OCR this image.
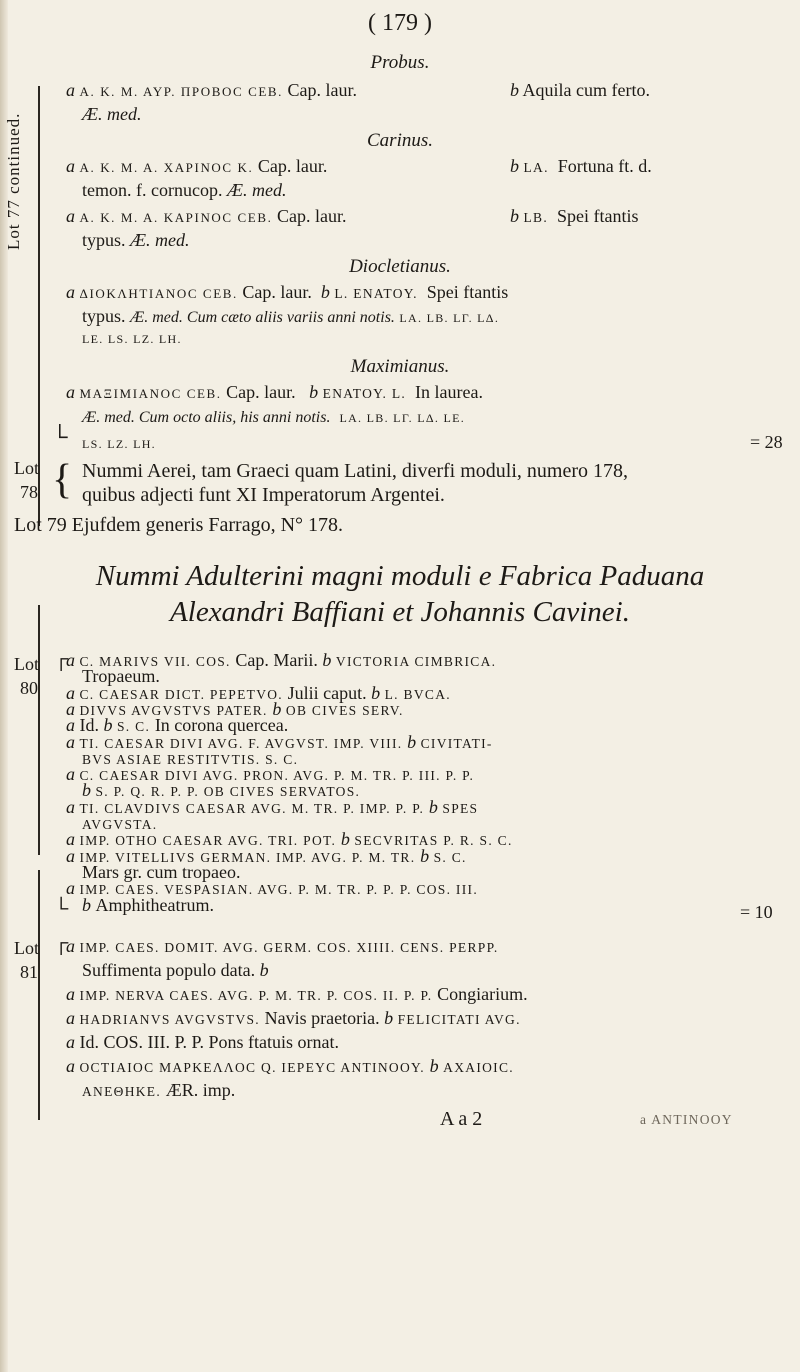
Lot 77 continued.
( 179 )
Probus.
a A. K. M. AYP. ПPOBOC CEB. Cap. laur.	b Aquila cum ferto.
Æ. med.
Carinus.
a A. K. M. A. XAPINOC K. Cap. laur.	b LA. Fortuna ft. d.
temon. f. cornucop. Æ. med.
a A. K. M. A. KAPINOC CEB. Cap. laur.	b LB. Spei ftantis
typus. Æ. med.
Diocletianus.
a ΔIOKΛHTIANOC CEB. Cap. laur. b L. ENATOY. Spei ftantis
typus. Æ. med. Cum cæto aliis variis anni notis. LA. LB. LΓ. LΔ.
LE. LS. LZ. LH.
Maximianus.
a MAΞIMIANOC CEB. Cap. laur. b ENATOY. L. In laurea.
Æ. med. Cum octo aliis, his anni notis. LA. LB. LΓ. LΔ. LE.
LS. LZ. LH.	= 28
└
Lot
78 { Nummi Aerei, tam Graeci quam Latini, diverfi moduli, numero 178,
quibus adjecti funt XI Imperatorum Argentei.
Lot 79 Ejufdem generis Farrago, N° 178.
Nummi Adulterini magni moduli e Fabrica Paduana
Alexandri Baffiani et Johannis Cavinei.
Lot
80
┌
└
a C. MARIVS VII. COS. Cap. Marii. b VICTORIA CIMBRICA.
Tropaeum.
a C. CAESAR DICT. PEPETVO. Julii caput. b L. BVCA.
a DIVVS AVGVSTVS PATER. b OB CIVES SERV.
a Id. b S. C. In corona quercea.
a TI. CAESAR DIVI AVG. F. AVGVST. IMP. VIII. b CIVITATI-
BVS ASIAE RESTITVTIS. S. C.
a C. CAESAR DIVI AVG. PRON. AVG. P. M. TR. P. III. P. P.
b S. P. Q. R. P. P. OB CIVES SERVATOS.
a TI. CLAVDIVS CAESAR AVG. M. TR. P. IMP. P. P. b SPES
AVGVSTA.
a IMP. OTHO CAESAR AVG. TRI. POT. b SECVRITAS P. R. S. C.
a IMP. VITELLIVS GERMAN. IMP. AVG. P. M. TR. b S. C.
Mars gr. cum tropaeo.
a IMP. CAES. VESPASIAN. AVG. P. M. TR. P. P. P. COS. III.
b Amphitheatrum.	= 10
Lot
81
┌
a IMP. CAES. DOMIT. AVG. GERM. COS. XIIII. CENS. PERPP.
Suffimenta populo data. b
a IMP. NERVA CAES. AVG. P. M. TR. P. COS. II. P. P. Congiarium.
a HADRIANVS AVGVSTVS. Navis praetoria. b FELICITATI AVG.
a Id. COS. III. P. P. Pons ftatuis ornat.
a OCTIAIOC MAPKEΛΛOC Q. IEPEYC ANTINOOY. b AXAIOIC.
ANEΘHKE. ÆR. imp.
A a 2	a ANTINOOY
